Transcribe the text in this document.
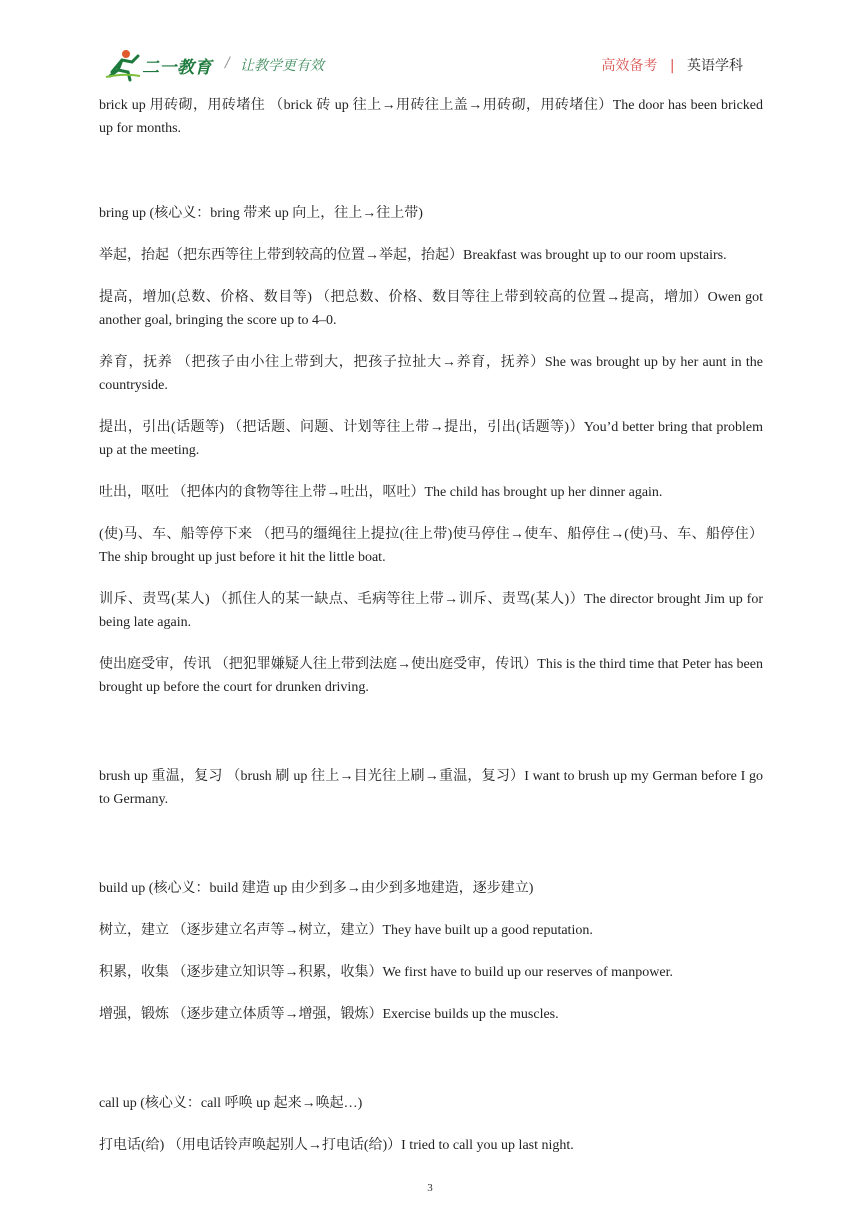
二一教育 / 让教学更有效	高效备考 | 英语学科

brick up 用砖砌，用砖堵住 （brick 砖 up 往上→用砖往上盖→用砖砌，用砖堵住）The door has been bricked up for months.

bring up (核心义：bring 带来 up 向上，往上→往上带)

举起，抬起（把东西等往上带到较高的位置→举起，抬起）Breakfast was brought up to our room upstairs.

提高，增加(总数、价格、数目等) （把总数、价格、数目等往上带到较高的位置→提高，增加）Owen got another goal, bringing the score up to 4–0.

养育，抚养 （把孩子由小往上带到大，把孩子拉扯大→养育，抚养）She was brought up by her aunt in the countryside.

提出，引出(话题等) （把话题、问题、计划等往上带→提出，引出(话题等)）You’d better bring that problem up at the meeting.

吐出，呕吐 （把体内的食物等往上带→吐出，呕吐）The child has brought up her dinner again.

(使)马、车、船等停下来 （把马的缰绳往上提拉(往上带)使马停住→使车、船停住→(使)马、车、船停住）The ship brought up just before it hit the little boat.

训斥、责骂(某人) （抓住人的某一缺点、毛病等往上带→训斥、责骂(某人)）The director brought Jim up for being late again.

使出庭受审，传讯 （把犯罪嫌疑人往上带到法庭→使出庭受审，传讯）This is the third time that Peter has been brought up before the court for drunken driving.

brush up 重温，复习 （brush 刷 up 往上→目光往上刷→重温，复习）I want to brush up my German before I go to Germany.

build up (核心义：build 建造 up 由少到多→由少到多地建造，逐步建立)

树立，建立 （逐步建立名声等→树立，建立）They have built up a good reputation.

积累，收集 （逐步建立知识等→积累，收集）We first have to build up our reserves of manpower.

增强，锻炼 （逐步建立体质等→增强，锻炼）Exercise builds up the muscles.

call up (核心义：call 呼唤 up 起来→唤起…)

打电话(给) （用电话铃声唤起别人→打电话(给)）I tried to call you up last night.

3
